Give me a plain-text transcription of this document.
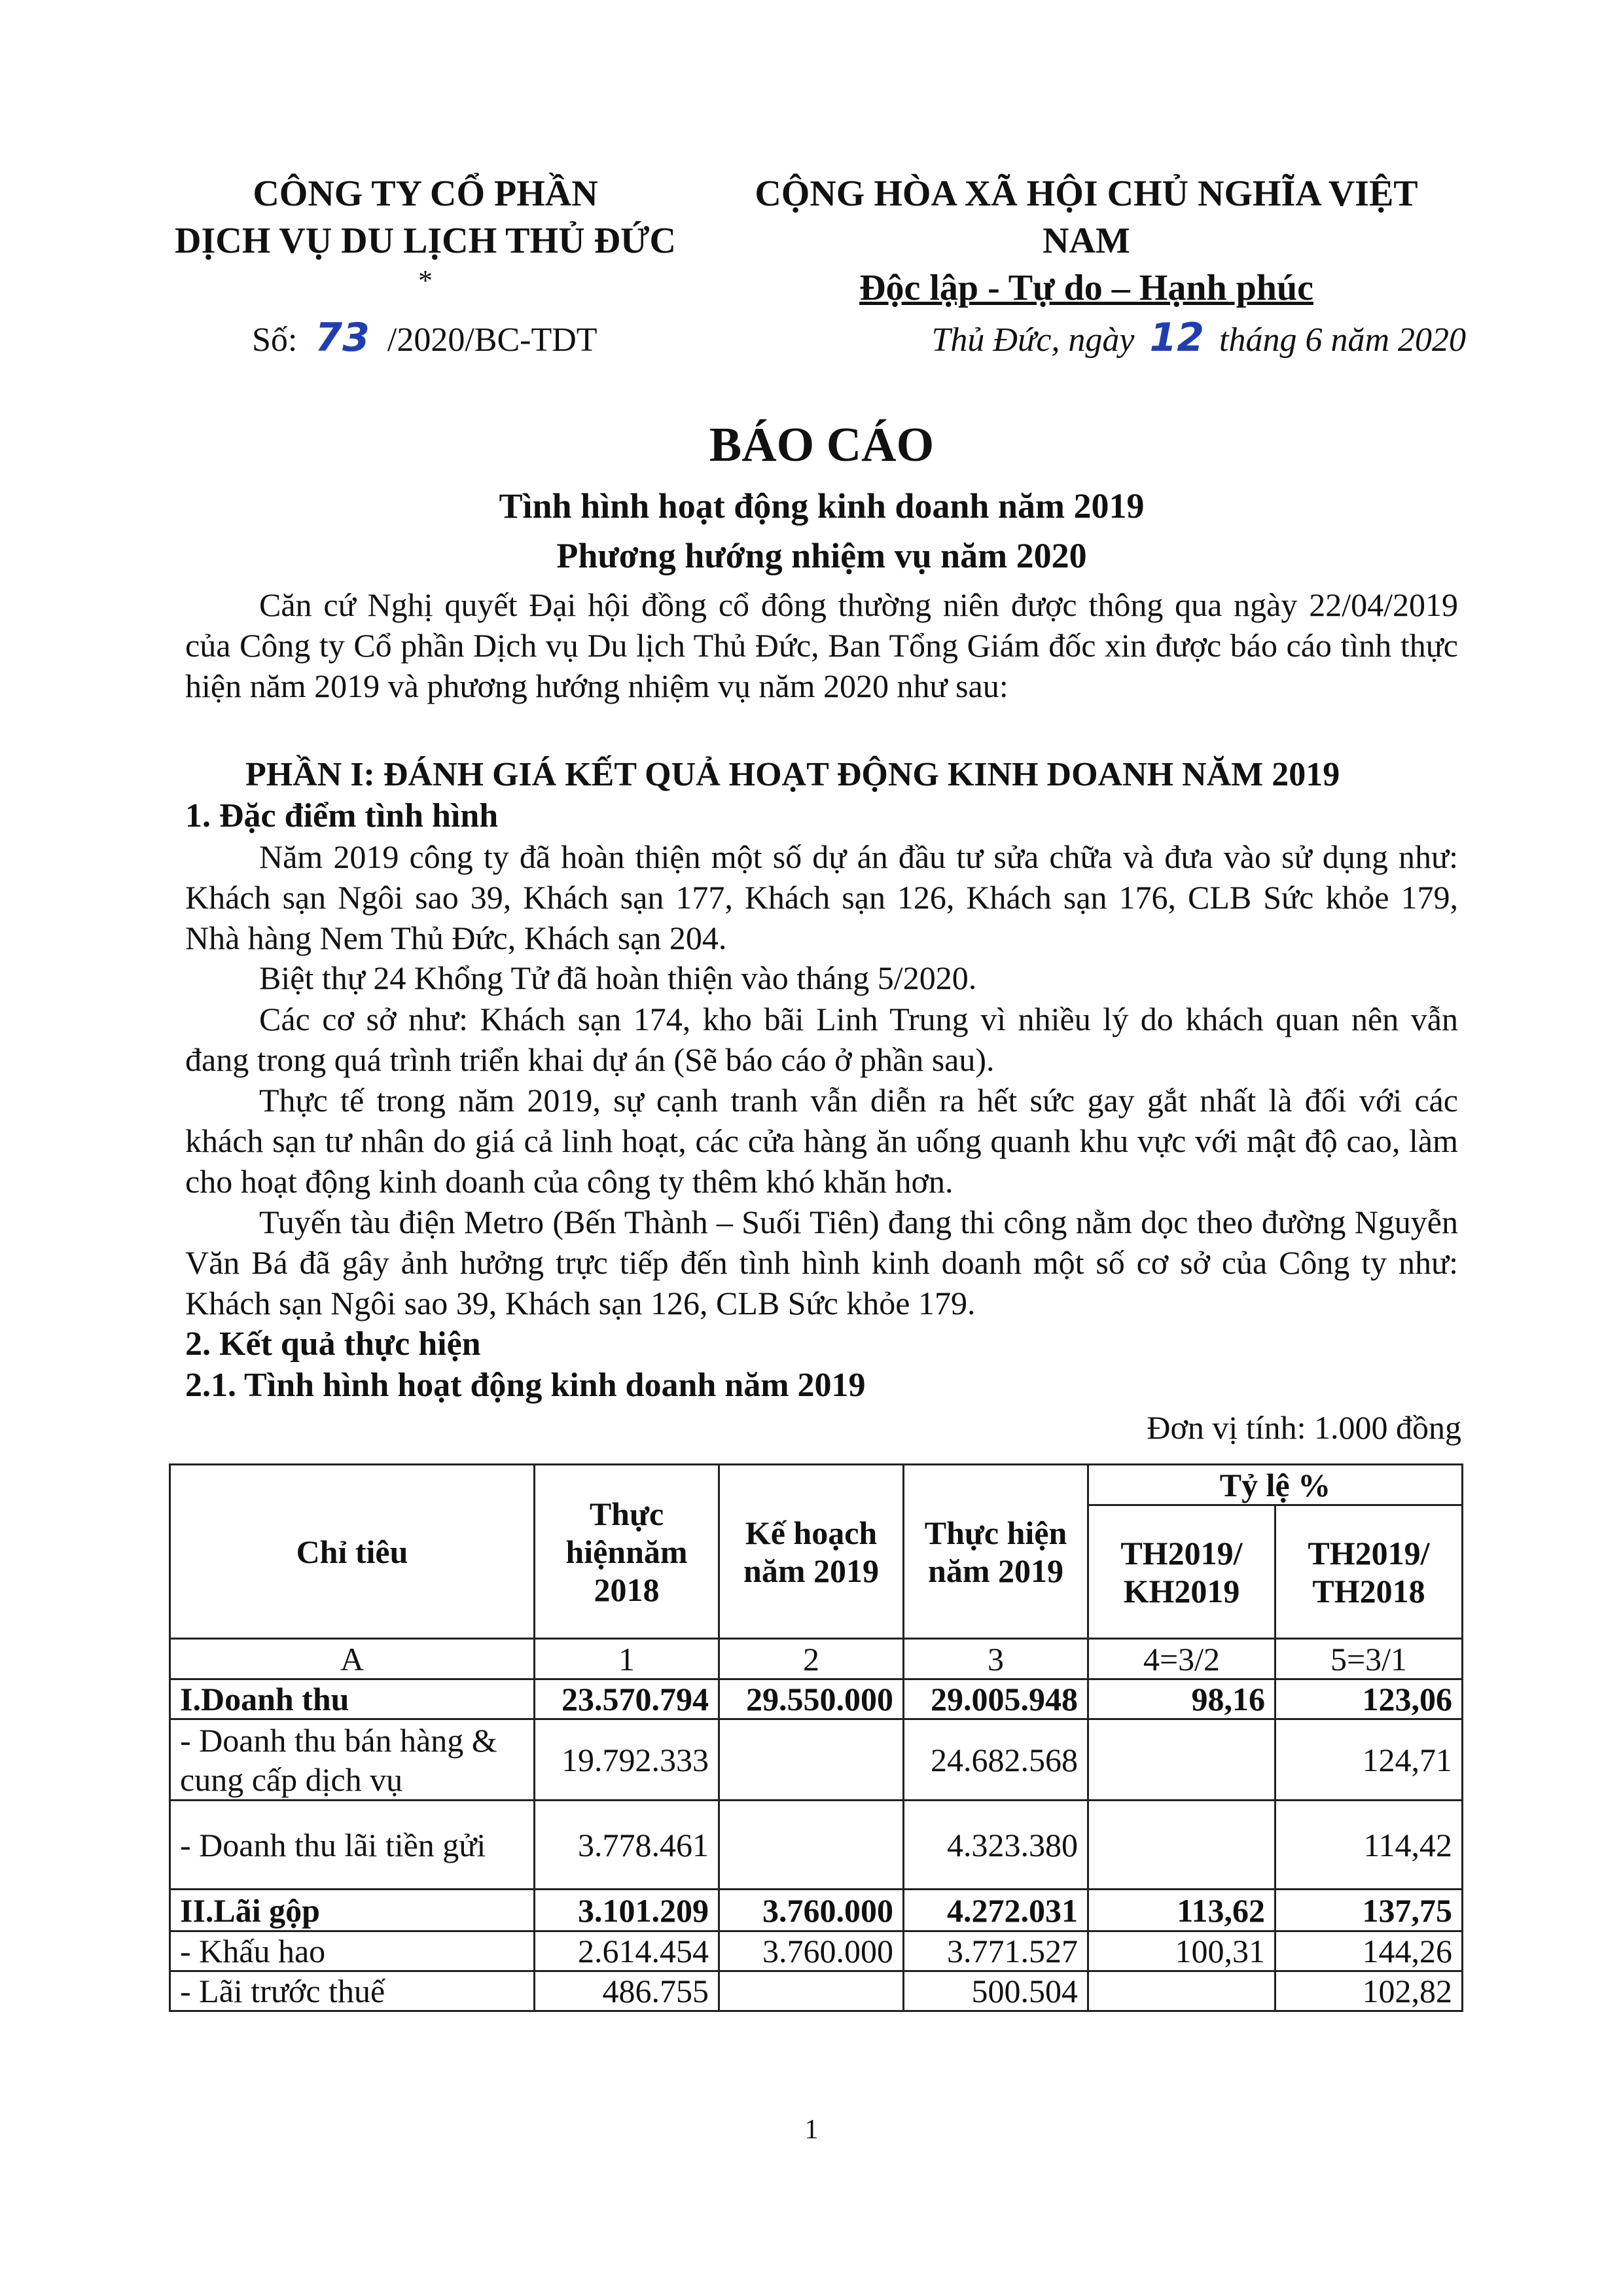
CÔNG TY CỔ PHẦN
DỊCH VỤ DU LỊCH THỦ ĐỨC
*
CỘNG HÒA XÃ HỘI CHỦ NGHĨA VIỆT NAM
Độc lập - Tự do – Hạnh phúc
Số: 73 /2020/BC-TDT	Thủ Đức, ngày 12 tháng 6 năm 2020
BÁO CÁO
Tình hình hoạt động kinh doanh năm 2019
Phương hướng nhiệm vụ năm 2020
Căn cứ Nghị quyết Đại hội đồng cổ đông thường niên được thông qua ngày 22/04/2019 của Công ty Cổ phần Dịch vụ Du lịch Thủ Đức, Ban Tổng Giám đốc xin được báo cáo tình thực hiện năm 2019 và phương hướng nhiệm vụ năm 2020 như sau:
PHẦN I: ĐÁNH GIÁ KẾT QUẢ HOẠT ĐỘNG KINH DOANH NĂM 2019
1. Đặc điểm tình hình
Năm 2019 công ty đã hoàn thiện một số dự án đầu tư sửa chữa và đưa vào sử dụng như: Khách sạn Ngôi sao 39, Khách sạn 177, Khách sạn 126, Khách sạn 176, CLB Sức khỏe 179, Nhà hàng Nem Thủ Đức, Khách sạn 204.
Biệt thự 24 Khổng Tử đã hoàn thiện vào tháng 5/2020.
Các cơ sở như: Khách sạn 174, kho bãi Linh Trung vì nhiều lý do khách quan nên vẫn đang trong quá trình triển khai dự án (Sẽ báo cáo ở phần sau).
Thực tế trong năm 2019, sự cạnh tranh vẫn diễn ra hết sức gay gắt nhất là đối với các khách sạn tư nhân do giá cả linh hoạt, các cửa hàng ăn uống quanh khu vực với mật độ cao, làm cho hoạt động kinh doanh của công ty thêm khó khăn hơn.
Tuyến tàu điện Metro (Bến Thành – Suối Tiên) đang thi công nằm dọc theo đường Nguyễn Văn Bá đã gây ảnh hưởng trực tiếp đến tình hình kinh doanh một số cơ sở của Công ty như: Khách sạn Ngôi sao 39, Khách sạn 126, CLB Sức khỏe 179.
2. Kết quả thực hiện
2.1. Tình hình hoạt động kinh doanh năm 2019
Đơn vị tính: 1.000 đồng
Chỉ tiêu	Thực hiệnnăm 2018	Kế hoạch năm 2019	Thực hiện năm 2019	Tỷ lệ %	
				TH2019/ KH2019	TH2019/ TH2018
A	1	2	3	4=3/2	5=3/1
I.Doanh thu	23.570.794	29.550.000	29.005.948	98,16	123,06
- Doanh thu bán hàng & cung cấp dịch vụ	19.792.333		24.682.568		124,71
- Doanh thu lãi tiền gửi	3.778.461		4.323.380		114,42
II.Lãi gộp	3.101.209	3.760.000	4.272.031	113,62	137,75
- Khấu hao	2.614.454	3.760.000	3.771.527	100,31	144,26
- Lãi trước thuế	486.755		500.504		102,82
1
